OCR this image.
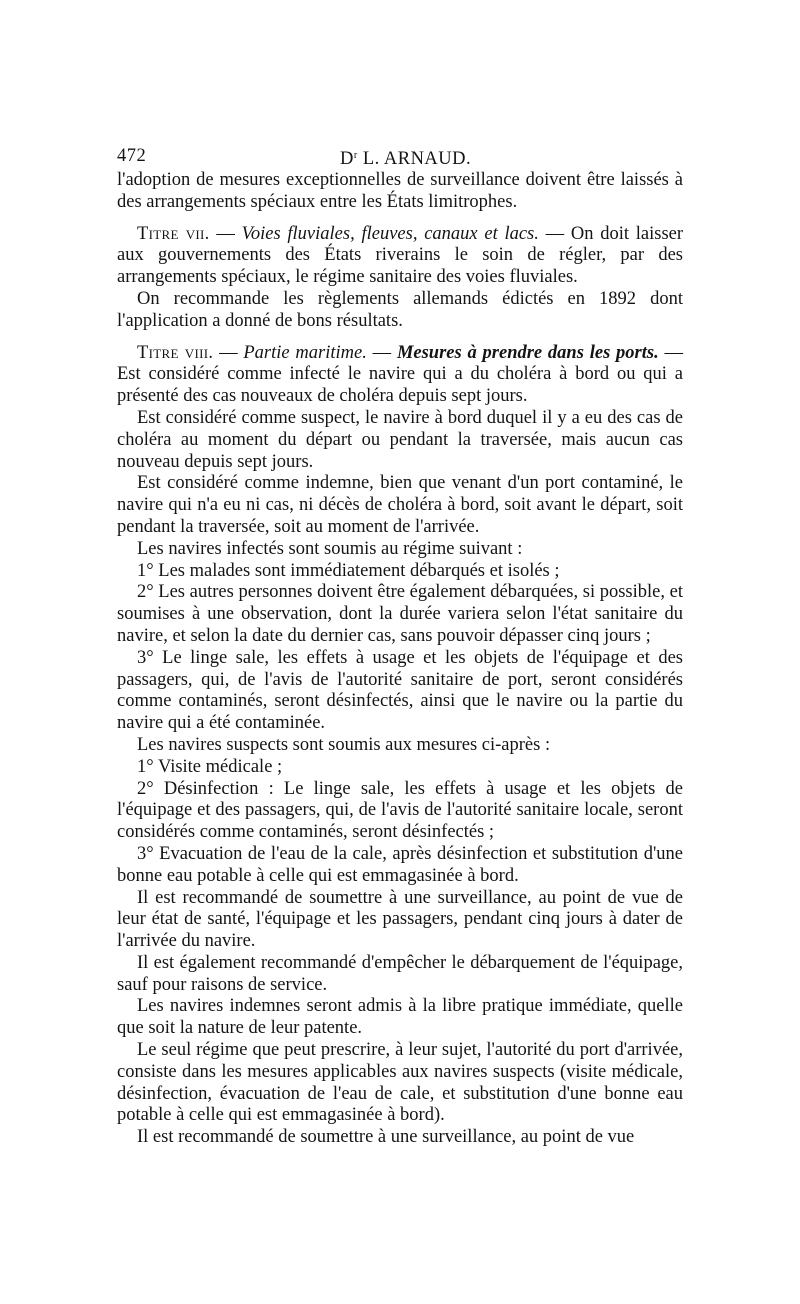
472	$D^r$ L. ARNAUD.

l'adoption de mesures exceptionnelles de surveillance doivent être laissés à des arrangements spéciaux entre les États limitrophes.

Titre vii. — Voies fluviales, fleuves, canaux et lacs. — On doit laisser aux gouvernements des États riverains le soin de régler, par des arrangements spéciaux, le régime sanitaire des voies fluviales.

On recommande les règlements allemands édictés en 1892 dont l'application a donné de bons résultats.

Titre viii. — Partie maritime. — Mesures à prendre dans les ports. — Est considéré comme infecté le navire qui a du choléra à bord ou qui a présenté des cas nouveaux de choléra depuis sept jours.

Est considéré comme suspect, le navire à bord duquel il y a eu des cas de choléra au moment du départ ou pendant la traversée, mais aucun cas nouveau depuis sept jours.

Est considéré comme indemne, bien que venant d'un port contaminé, le navire qui n'a eu ni cas, ni décès de choléra à bord, soit avant le départ, soit pendant la traversée, soit au moment de l'arrivée.

Les navires infectés sont soumis au régime suivant :

1° Les malades sont immédiatement débarqués et isolés ;

2° Les autres personnes doivent être également débarquées, si possible, et soumises à une observation, dont la durée variera selon l'état sanitaire du navire, et selon la date du dernier cas, sans pouvoir dépasser cinq jours ;

3° Le linge sale, les effets à usage et les objets de l'équipage et des passagers, qui, de l'avis de l'autorité sanitaire de port, seront considérés comme contaminés, seront désinfectés, ainsi que le navire ou la partie du navire qui a été contaminée.

Les navires suspects sont soumis aux mesures ci-après :

1° Visite médicale ;

2° Désinfection : Le linge sale, les effets à usage et les objets de l'équipage et des passagers, qui, de l'avis de l'autorité sanitaire locale, seront considérés comme contaminés, seront désinfectés ;

3° Evacuation de l'eau de la cale, après désinfection et substitution d'une bonne eau potable à celle qui est emmagasinée à bord.

Il est recommandé de soumettre à une surveillance, au point de vue de leur état de santé, l'équipage et les passagers, pendant cinq jours à dater de l'arrivée du navire.

Il est également recommandé d'empêcher le débarquement de l'équipage, sauf pour raisons de service.

Les navires indemnes seront admis à la libre pratique immédiate, quelle que soit la nature de leur patente.

Le seul régime que peut prescrire, à leur sujet, l'autorité du port d'arrivée, consiste dans les mesures applicables aux navires suspects (visite médicale, désinfection, évacuation de l'eau de cale, et substitution d'une bonne eau potable à celle qui est emmagasinée à bord).

Il est recommandé de soumettre à une surveillance, au point de vue
